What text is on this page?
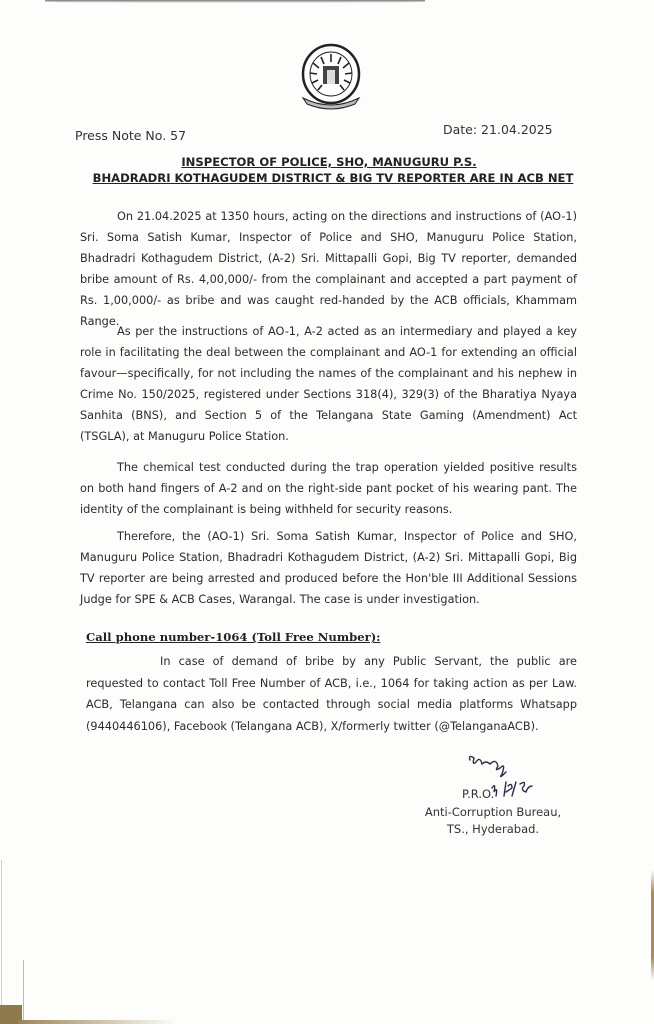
Press Note No. 57	Date: 21.04.2025
INSPECTOR OF POLICE, SHO, MANUGURU P.S.
BHADRADRI KOTHAGUDEM DISTRICT & BIG TV REPORTER ARE IN ACB NET
On 21.04.2025 at 1350 hours, acting on the directions and instructions of (AO-1) Sri. Soma Satish Kumar, Inspector of Police and SHO, Manuguru Police Station, Bhadradri Kothagudem District, (A-2) Sri. Mittapalli Gopi, Big TV reporter, demanded bribe amount of Rs. 4,00,000/- from the complainant and accepted a part payment of Rs. 1,00,000/- as bribe and was caught red-handed by the ACB officials, Khammam Range.
As per the instructions of AO-1, A-2 acted as an intermediary and played a key role in facilitating the deal between the complainant and AO-1 for extending an official favour—specifically, for not including the names of the complainant and his nephew in Crime No. 150/2025, registered under Sections 318(4), 329(3) of the Bharatiya Nyaya Sanhita (BNS), and Section 5 of the Telangana State Gaming (Amendment) Act (TSGLA), at Manuguru Police Station.
The chemical test conducted during the trap operation yielded positive results on both hand fingers of A-2 and on the right-side pant pocket of his wearing pant. The identity of the complainant is being withheld for security reasons.
Therefore, the (AO-1) Sri. Soma Satish Kumar, Inspector of Police and SHO, Manuguru Police Station, Bhadradri Kothagudem District, (A-2) Sri. Mittapalli Gopi, Big TV reporter are being arrested and produced before the Hon'ble III Additional Sessions Judge for SPE & ACB Cases, Warangal. The case is under investigation.
Call phone number-1064 (Toll Free Number):
In case of demand of bribe by any Public Servant, the public are requested to contact Toll Free Number of ACB, i.e., 1064 for taking action as per Law. ACB, Telangana can also be contacted through social media platforms Whatsapp (9440446106), Facebook (Telangana ACB), X/formerly twitter (@TelanganaACB).
P.R.O.
Anti-Corruption Bureau,
TS., Hyderabad.
